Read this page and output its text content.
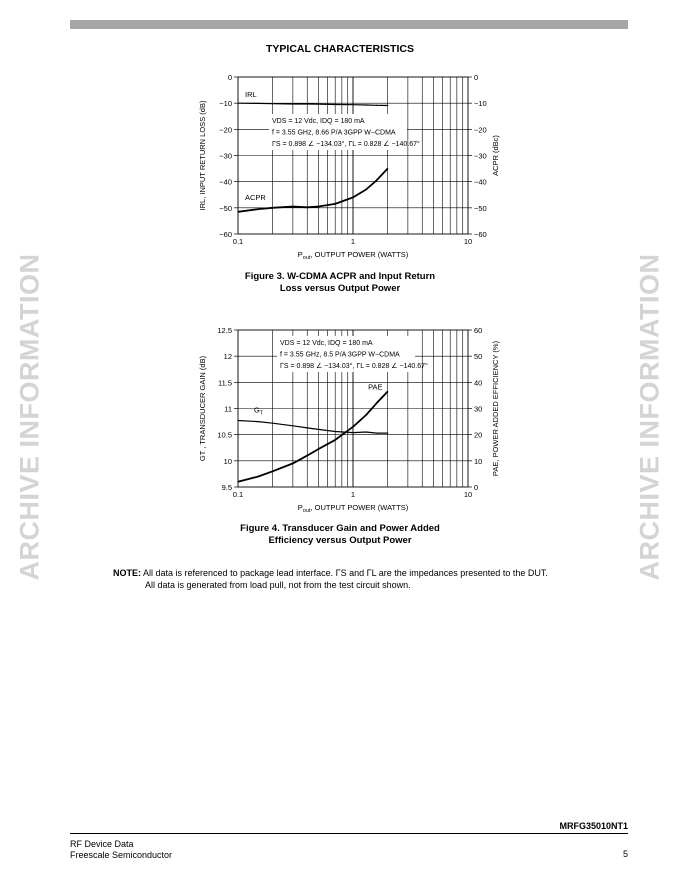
TYPICAL CHARACTERISTICS
ARCHIVE INFORMATION	ARCHIVE INFORMATION
0
−10
−20
−30
−40
−50
−60
0
−10
−20
−30
−40
−50
−60
0.1	1	10
$P_{out}$, OUTPUT POWER (WATTS)
IRL, INPUT RETURN LOSS (dB)	ACPR (dBc)
VDS = 12 Vdc, IDQ = 180 mA
f = 3.55 GHz, 8.66 P/A 3GPP W−CDMA
ΓS = 0.898 ∠ −134.03°, ΓL = 0.828 ∠ −140.67°
IRL
ACPR
Figure 3. W-CDMA ACPR and Input Return
Loss versus Output Power
12.5
12
11.5
11
10.5
10
9.5
60
50
40
30
20
10
0
0.1	1	10
$P_{out}$, OUTPUT POWER (WATTS)
GT , TRANSDUCER GAIN (dB)	PAE, POWER ADDED EFFICIENCY (%)
VDS = 12 Vdc, IDQ = 180 mA
f = 3.55 GHz, 8.5 P/A 3GPP W−CDMA
ΓS = 0.898 ∠ −134.03°, ΓL = 0.828 ∠ −140.67°
$G_T$
PAE
Figure 4. Transducer Gain and Power Added
Efficiency versus Output Power
NOTE: All data is referenced to package lead interface. ΓS and ΓL are the impedances presented to the DUT.
All data is generated from load pull, not from the test circuit shown.
MRFG35010NT1
RF Device Data
Freescale Semiconductor	5
